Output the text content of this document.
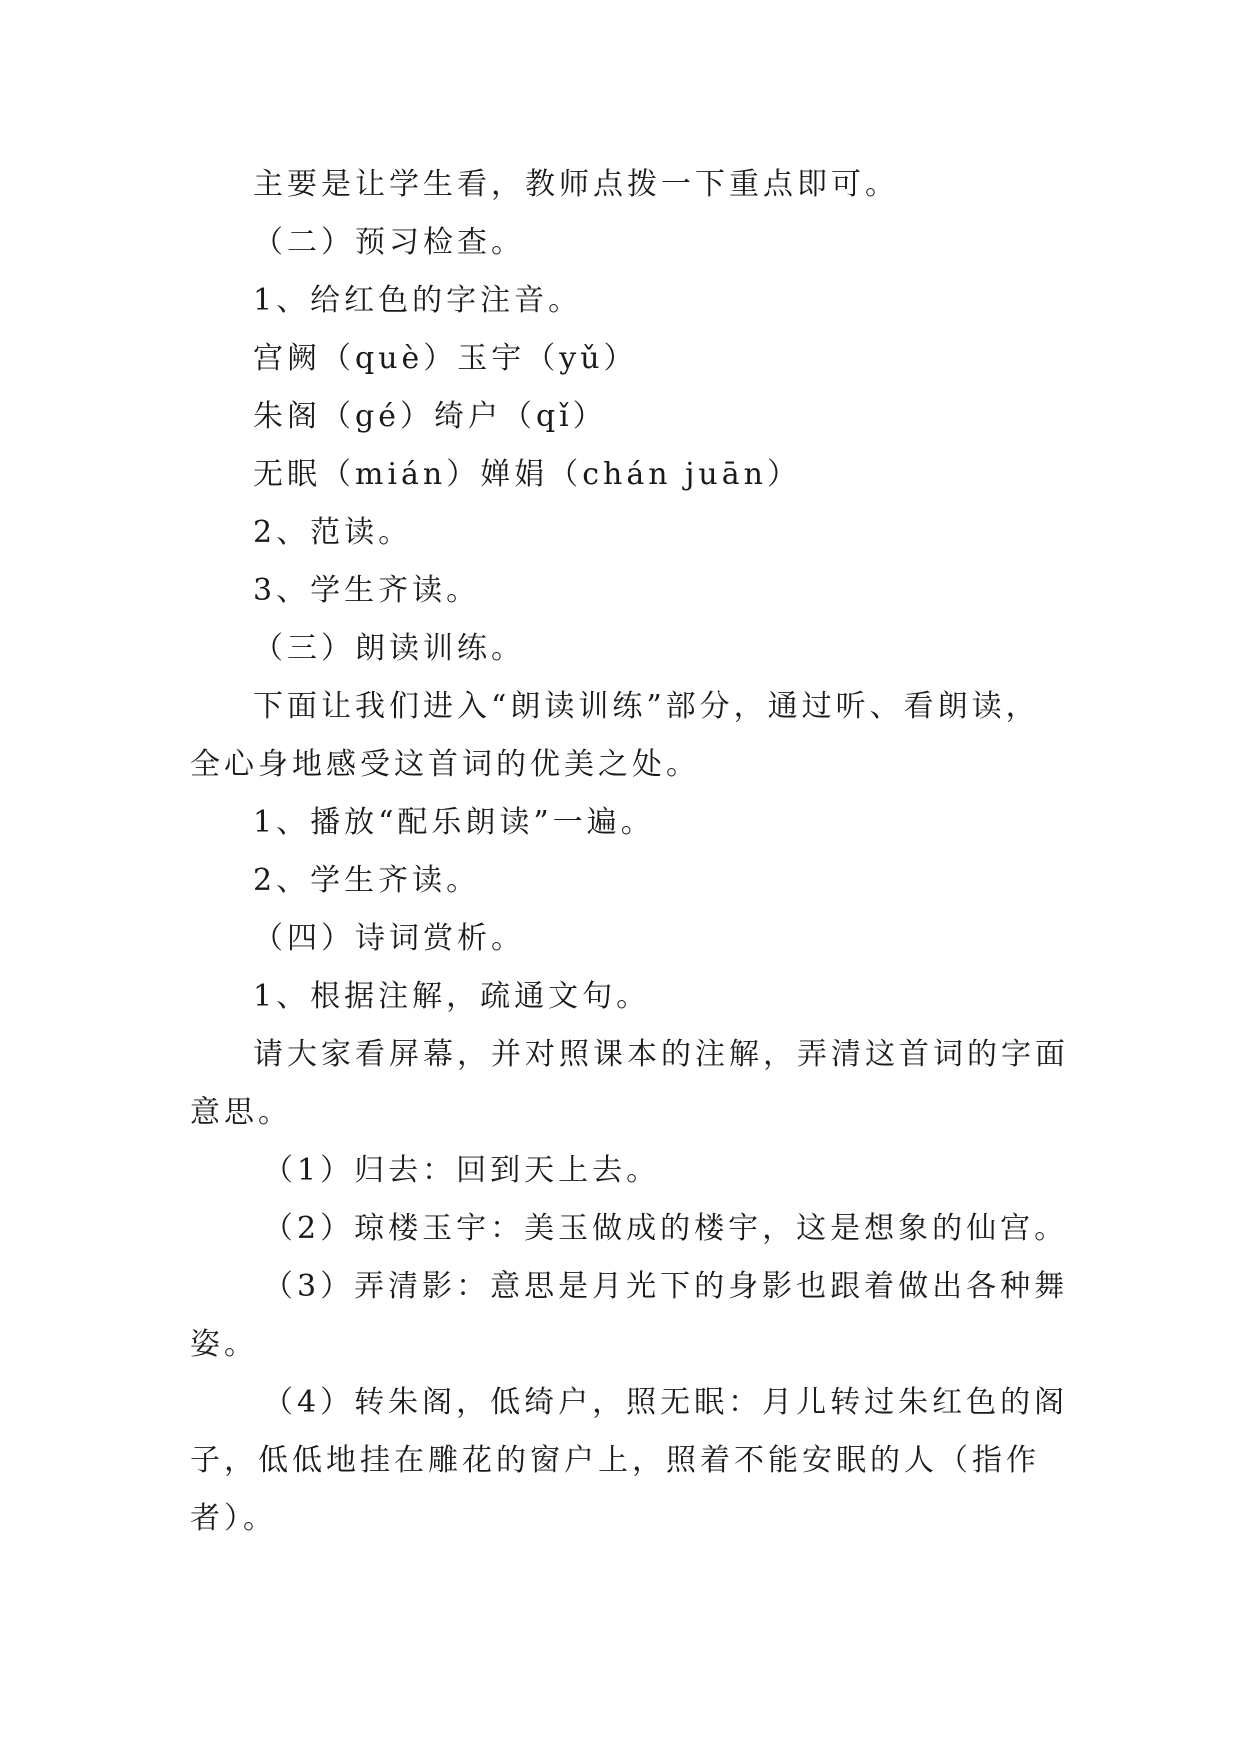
主要是让学生看，教师点拨一下重点即可。
（二）预习检查。
1、给红色的字注音。
宫阙（què）玉宇（yǔ）
朱阁（gé）绮户（qǐ）
无眠（mián）婵娟（chán juān）
2、范读。
3、学生齐读。
（三）朗读训练。
下面让我们进入“朗读训练”部分，通过听、看朗读，
全心身地感受这首词的优美之处。
1、播放“配乐朗读”一遍。
2、学生齐读。
（四）诗词赏析。
1、根据注解，疏通文句。
请大家看屏幕，并对照课本的注解，弄清这首词的字面
意思。
（1）归去：回到天上去。
（2）琼楼玉宇：美玉做成的楼宇，这是想象的仙宫。
（3）弄清影：意思是月光下的身影也跟着做出各种舞
姿。
（4）转朱阁，低绮户，照无眠：月儿转过朱红色的阁
子，低低地挂在雕花的窗户上，照着不能安眠的人（指作
者）。
